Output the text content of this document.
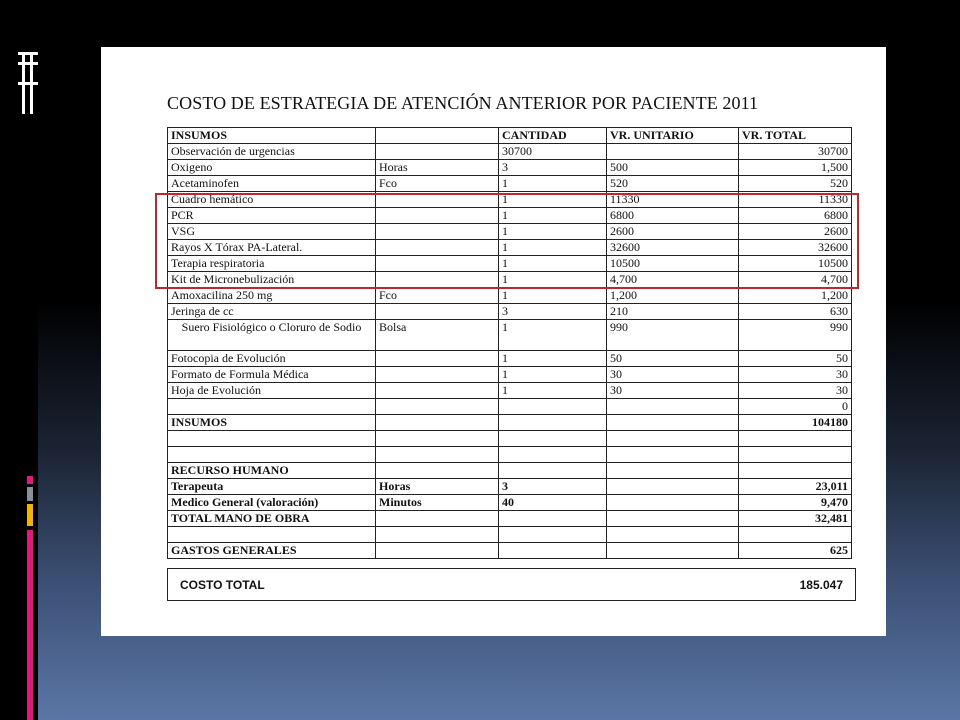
COSTO DE ESTRATEGIA DE ATENCIÓN ANTERIOR POR PACIENTE 2011
INSUMOS		CANTIDAD	VR. UNITARIO	VR. TOTAL
Observación de urgencias		30700		30700
Oxigeno	Horas	3	500	1,500
Acetaminofen	Fco	1	520	520
Cuadro hemático		1	11330	11330
PCR		1	6800	6800
VSG		1	2600	2600
Rayos X Tórax PA-Lateral.		1	32600	32600
Terapia respiratoria		1	10500	10500
Kit de Micronebulización		1	4,700	4,700
Amoxacilina 250 mg	Fco	1	1,200	1,200
Jeringa de cc		3	210	630
Suero Fisiológico o Cloruro de Sodio	Bolsa	1	990	990
Fotocopia de Evolución		1	50	50
Formato de Formula Médica		1	30	30
Hoja de Evolución		1	30	30
				0
INSUMOS				104180

RECURSO HUMANO				
Terapeuta	Horas	3		23,011
Medico General (valoración)	Minutos	40		9,470
TOTAL MANO DE OBRA				32,481

GASTOS GENERALES				625
COSTO TOTAL	185.047
